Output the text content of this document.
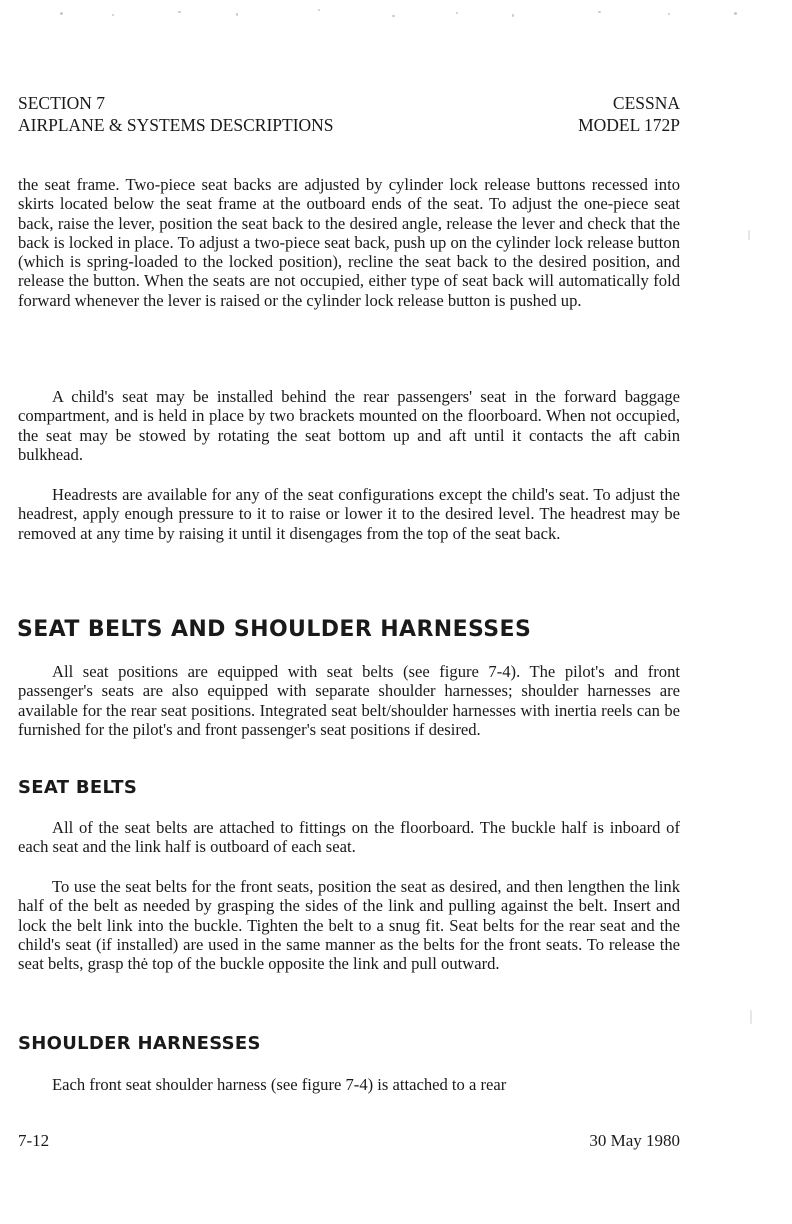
SECTION 7
AIRPLANE & SYSTEMS DESCRIPTIONS
CESSNA
MODEL 172P

the seat frame. Two-piece seat backs are adjusted by cylinder lock release buttons recessed into skirts located below the seat frame at the outboard ends of the seat. To adjust the one-piece seat back, raise the lever, position the seat back to the desired angle, release the lever and check that the back is locked in place. To adjust a two-piece seat back, push up on the cylinder lock release button (which is spring-loaded to the locked position), recline the seat back to the desired position, and release the button. When the seats are not occupied, either type of seat back will automatically fold forward whenever the lever is raised or the cylinder lock release button is pushed up.

A child's seat may be installed behind the rear passengers' seat in the forward baggage compartment, and is held in place by two brackets mounted on the floorboard. When not occupied, the seat may be stowed by rotating the seat bottom up and aft until it contacts the aft cabin bulkhead.

Headrests are available for any of the seat configurations except the child's seat. To adjust the headrest, apply enough pressure to it to raise or lower it to the desired level. The headrest may be removed at any time by raising it until it disengages from the top of the seat back.

SEAT BELTS AND SHOULDER HARNESSES

All seat positions are equipped with seat belts (see figure 7-4). The pilot's and front passenger's seats are also equipped with separate shoulder harnesses; shoulder harnesses are available for the rear seat positions. Integrated seat belt/shoulder harnesses with inertia reels can be furnished for the pilot's and front passenger's seat positions if desired.

SEAT BELTS

All of the seat belts are attached to fittings on the floorboard. The buckle half is inboard of each seat and the link half is outboard of each seat.

To use the seat belts for the front seats, position the seat as desired, and then lengthen the link half of the belt as needed by grasping the sides of the link and pulling against the belt. Insert and lock the belt link into the buckle. Tighten the belt to a snug fit. Seat belts for the rear seat and the child's seat (if installed) are used in the same manner as the belts for the front seats. To release the seat belts, grasp thė top of the buckle opposite the link and pull outward.

SHOULDER HARNESSES

Each front seat shoulder harness (see figure 7-4) is attached to a rear

7-12	30 May 1980
